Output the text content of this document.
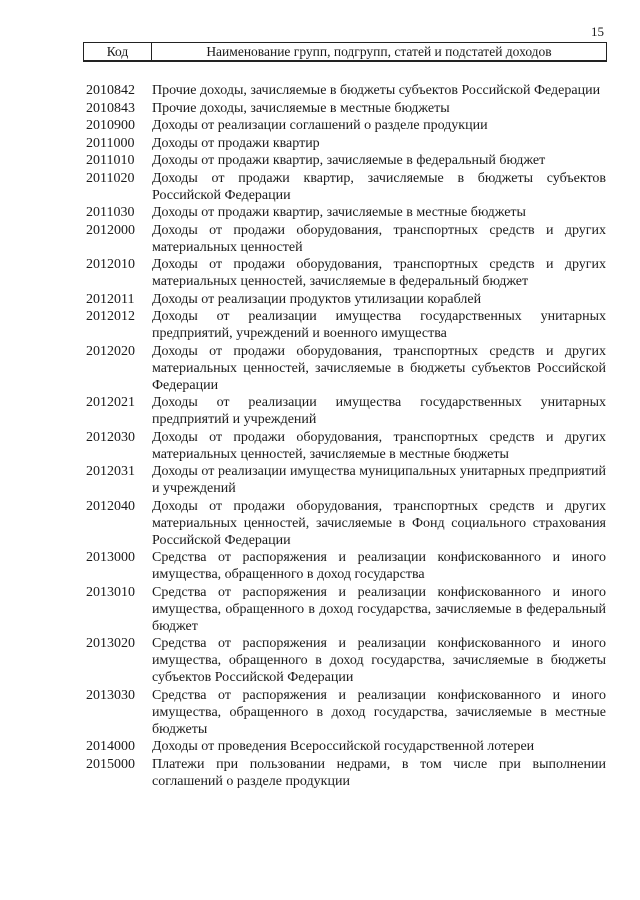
15
Код	Наименование групп, подгрупп, статей и подстатей доходов
2010842	Прочие доходы, зачисляемые в бюджеты субъектов Российской Федерации
2010843	Прочие доходы, зачисляемые в местные бюджеты
2010900	Доходы от реализации соглашений о разделе продукции
2011000	Доходы от продажи квартир
2011010	Доходы от продажи квартир, зачисляемые в федеральный бюджет
2011020	Доходы от продажи квартир, зачисляемые в бюджеты субъектов Российской Федерации
2011030	Доходы от продажи квартир, зачисляемые в местные бюджеты
2012000	Доходы от продажи оборудования, транспортных средств и других материальных ценностей
2012010	Доходы от продажи оборудования, транспортных средств и других материальных ценностей, зачисляемые в федеральный бюджет
2012011	Доходы от реализации продуктов утилизации кораблей
2012012	Доходы от реализации имущества государственных унитарных предприятий, учреждений и военного имущества
2012020	Доходы от продажи оборудования, транспортных средств и других материальных ценностей, зачисляемые в бюджеты субъектов Российской Федерации
2012021	Доходы от реализации имущества государственных унитарных предприятий и учреждений
2012030	Доходы от продажи оборудования, транспортных средств и других материальных ценностей, зачисляемые в местные бюджеты
2012031	Доходы от реализации имущества муниципальных унитарных предприятий и учреждений
2012040	Доходы от продажи оборудования, транспортных средств и других материальных ценностей, зачисляемые в Фонд социального страхования Российской Федерации
2013000	Средства от распоряжения и реализации конфискованного и иного имущества, обращенного в доход государства
2013010	Средства от распоряжения и реализации конфискованного и иного имущества, обращенного в доход государства, зачисляемые в федеральный бюджет
2013020	Средства от распоряжения и реализации конфискованного и иного имущества, обращенного в доход государства, зачисляемые в бюджеты субъектов Российской Федерации
2013030	Средства от распоряжения и реализации конфискованного и иного имущества, обращенного в доход государства, зачисляемые в местные бюджеты
2014000	Доходы от проведения Всероссийской государственной лотереи
2015000	Платежи при пользовании недрами, в том числе при выполнении соглашений о разделе продукции
